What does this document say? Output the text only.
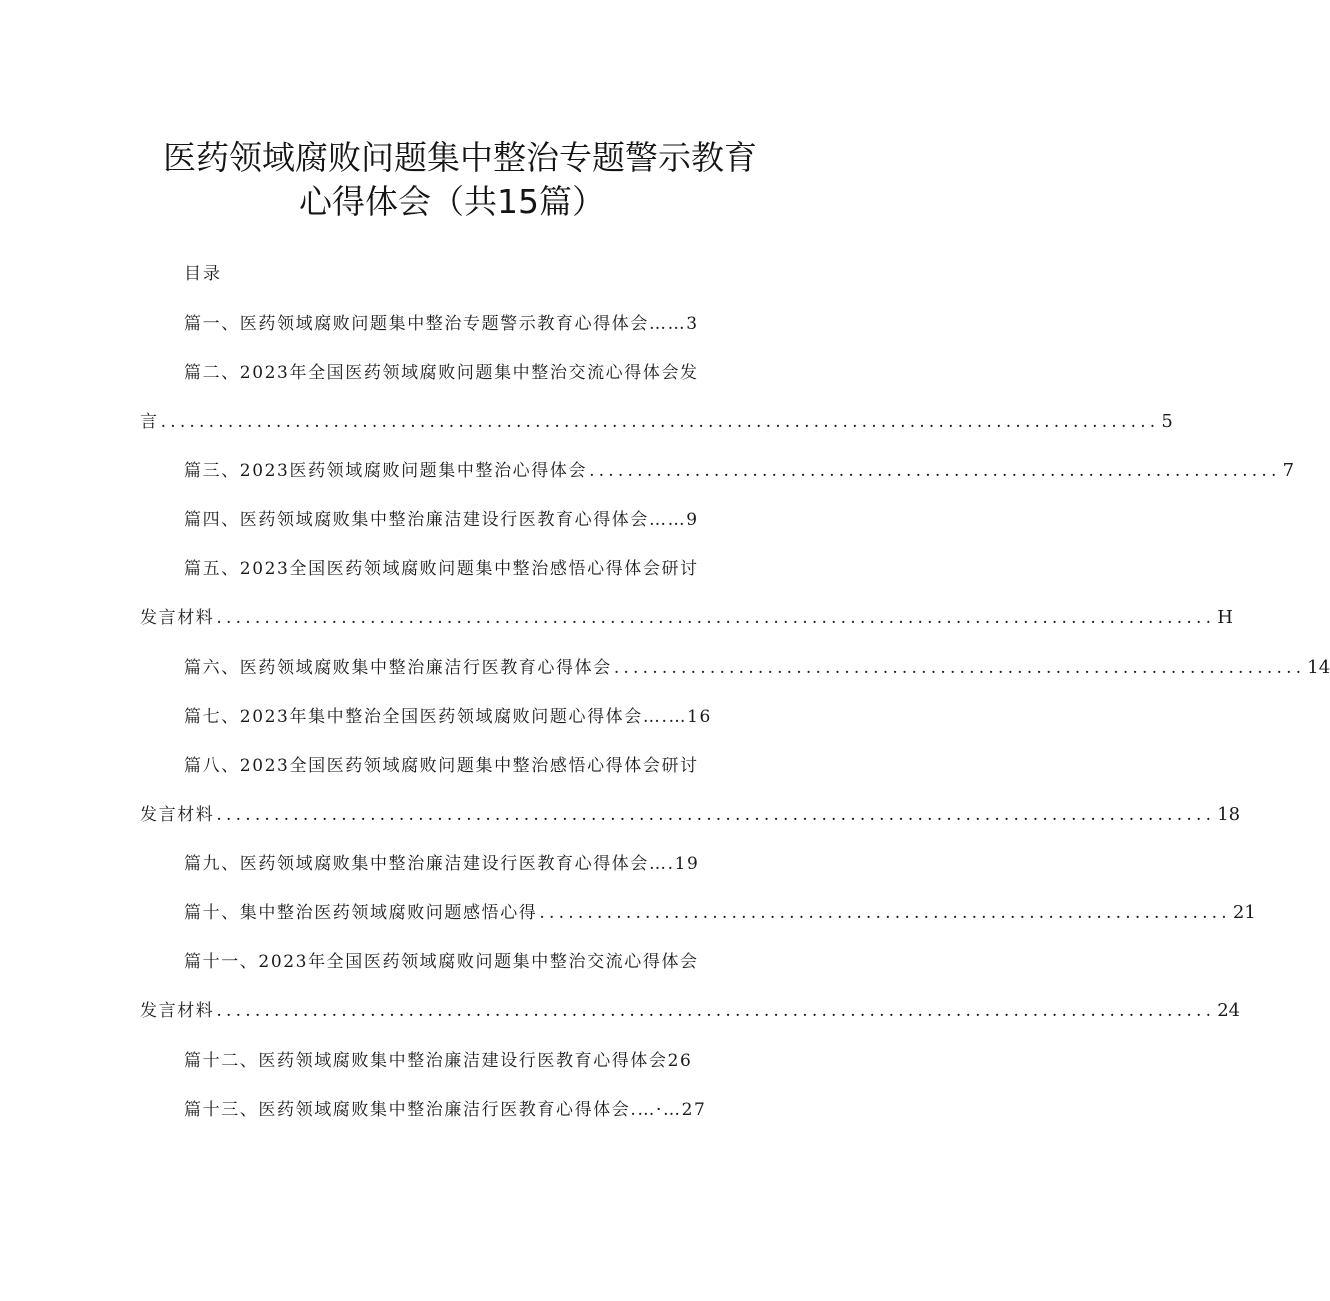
医药领域腐败问题集中整治专题警示教育
心得体会（共15篇）
目录
篇一、医药领域腐败问题集中整治专题警示教育心得体会……3
篇二、2023年全国医药领域腐败问题集中整治交流心得体会发
言 ........................................................................................................ 5
篇三、2023医药领域腐败问题集中整治心得体会 ........................................................................ 7
篇四、医药领域腐败集中整治廉洁建设行医教育心得体会……9
篇五、2023全国医药领域腐败问题集中整治感悟心得体会研讨
发言材料 ........................................................................................................ H
篇六、医药领域腐败集中整治廉洁行医教育心得体会 ........................................................................ 14
篇七、2023年集中整治全国医药领域腐败问题心得体会….…16
篇八、2023全国医药领域腐败问题集中整治感悟心得体会研讨
发言材料 ........................................................................................................ 18
篇九、医药领域腐败集中整治廉洁建设行医教育心得体会….19
篇十、集中整治医药领域腐败问题感悟心得 ........................................................................ 21
篇十一、2023年全国医药领域腐败问题集中整治交流心得体会
发言材料 ........................................................................................................ 24
篇十二、医药领域腐败集中整治廉洁建设行医教育心得体会26
篇十三、医药领域腐败集中整治廉洁行医教育心得体会.…·…27
